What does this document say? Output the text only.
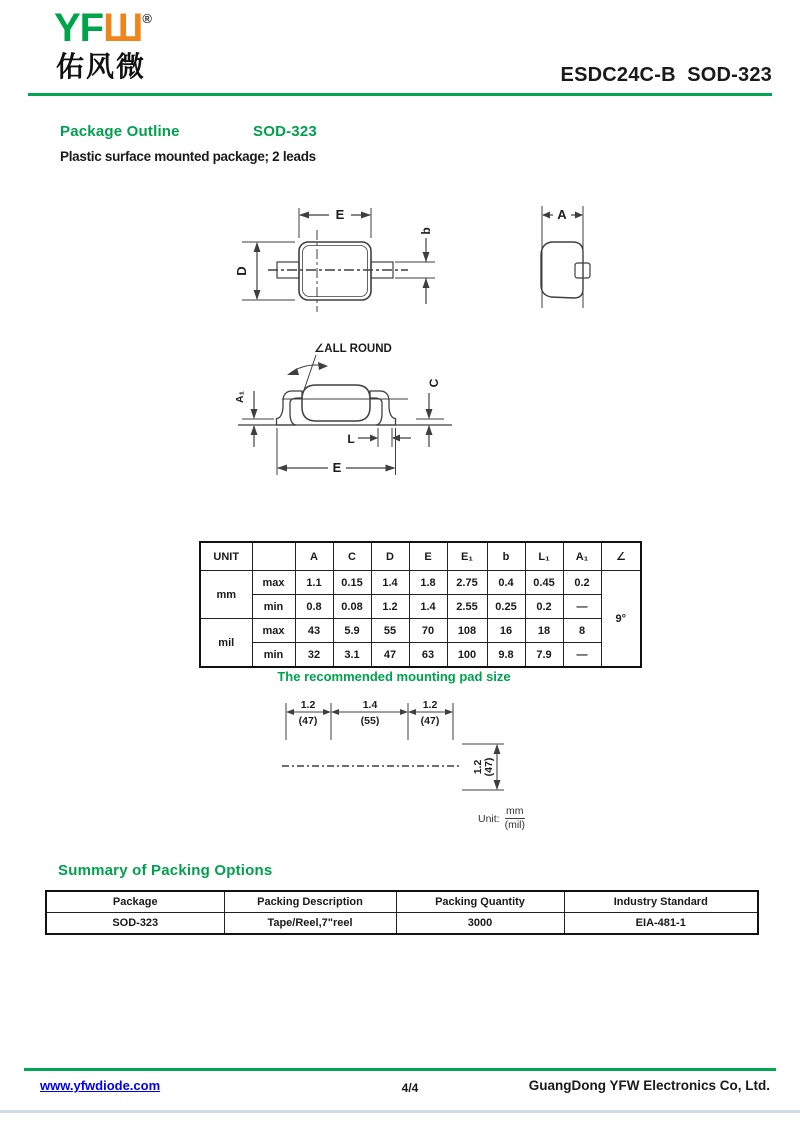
YFШ®
佑风微	ESDC24C-B  SOD-323
Package Outline	SOD-323
Plastic surface mounted package; 2 leads
E
D
b
A
∠ALL ROUND
A₁
C
L
E
UNIT		A	C	D	E	E₁	b	L₁	A₁	∠
mm	max	1.1	0.15	1.4	1.8	2.75	0.4	0.45	0.2	9°
	min	0.8	0.08	1.2	1.4	2.55	0.25	0.2	—	
mil	max	43	5.9	55	70	108	16	18	8	
	min	32	3.1	47	63	100	9.8	7.9	—	
The recommended mounting pad size
1.2
(47)
1.4
(55)
1.2
(47)
1.2 (47)
Unit: $\frac{mm}{\text{(mil)}}$
Summary of Packing Options
Package	Packing Description	Packing Quantity	Industry Standard
SOD-323	Tape/Reel,7"reel	3000	EIA-481-1
www.yfwdiode.com	4/4	GuangDong YFW Electronics Co, Ltd.
